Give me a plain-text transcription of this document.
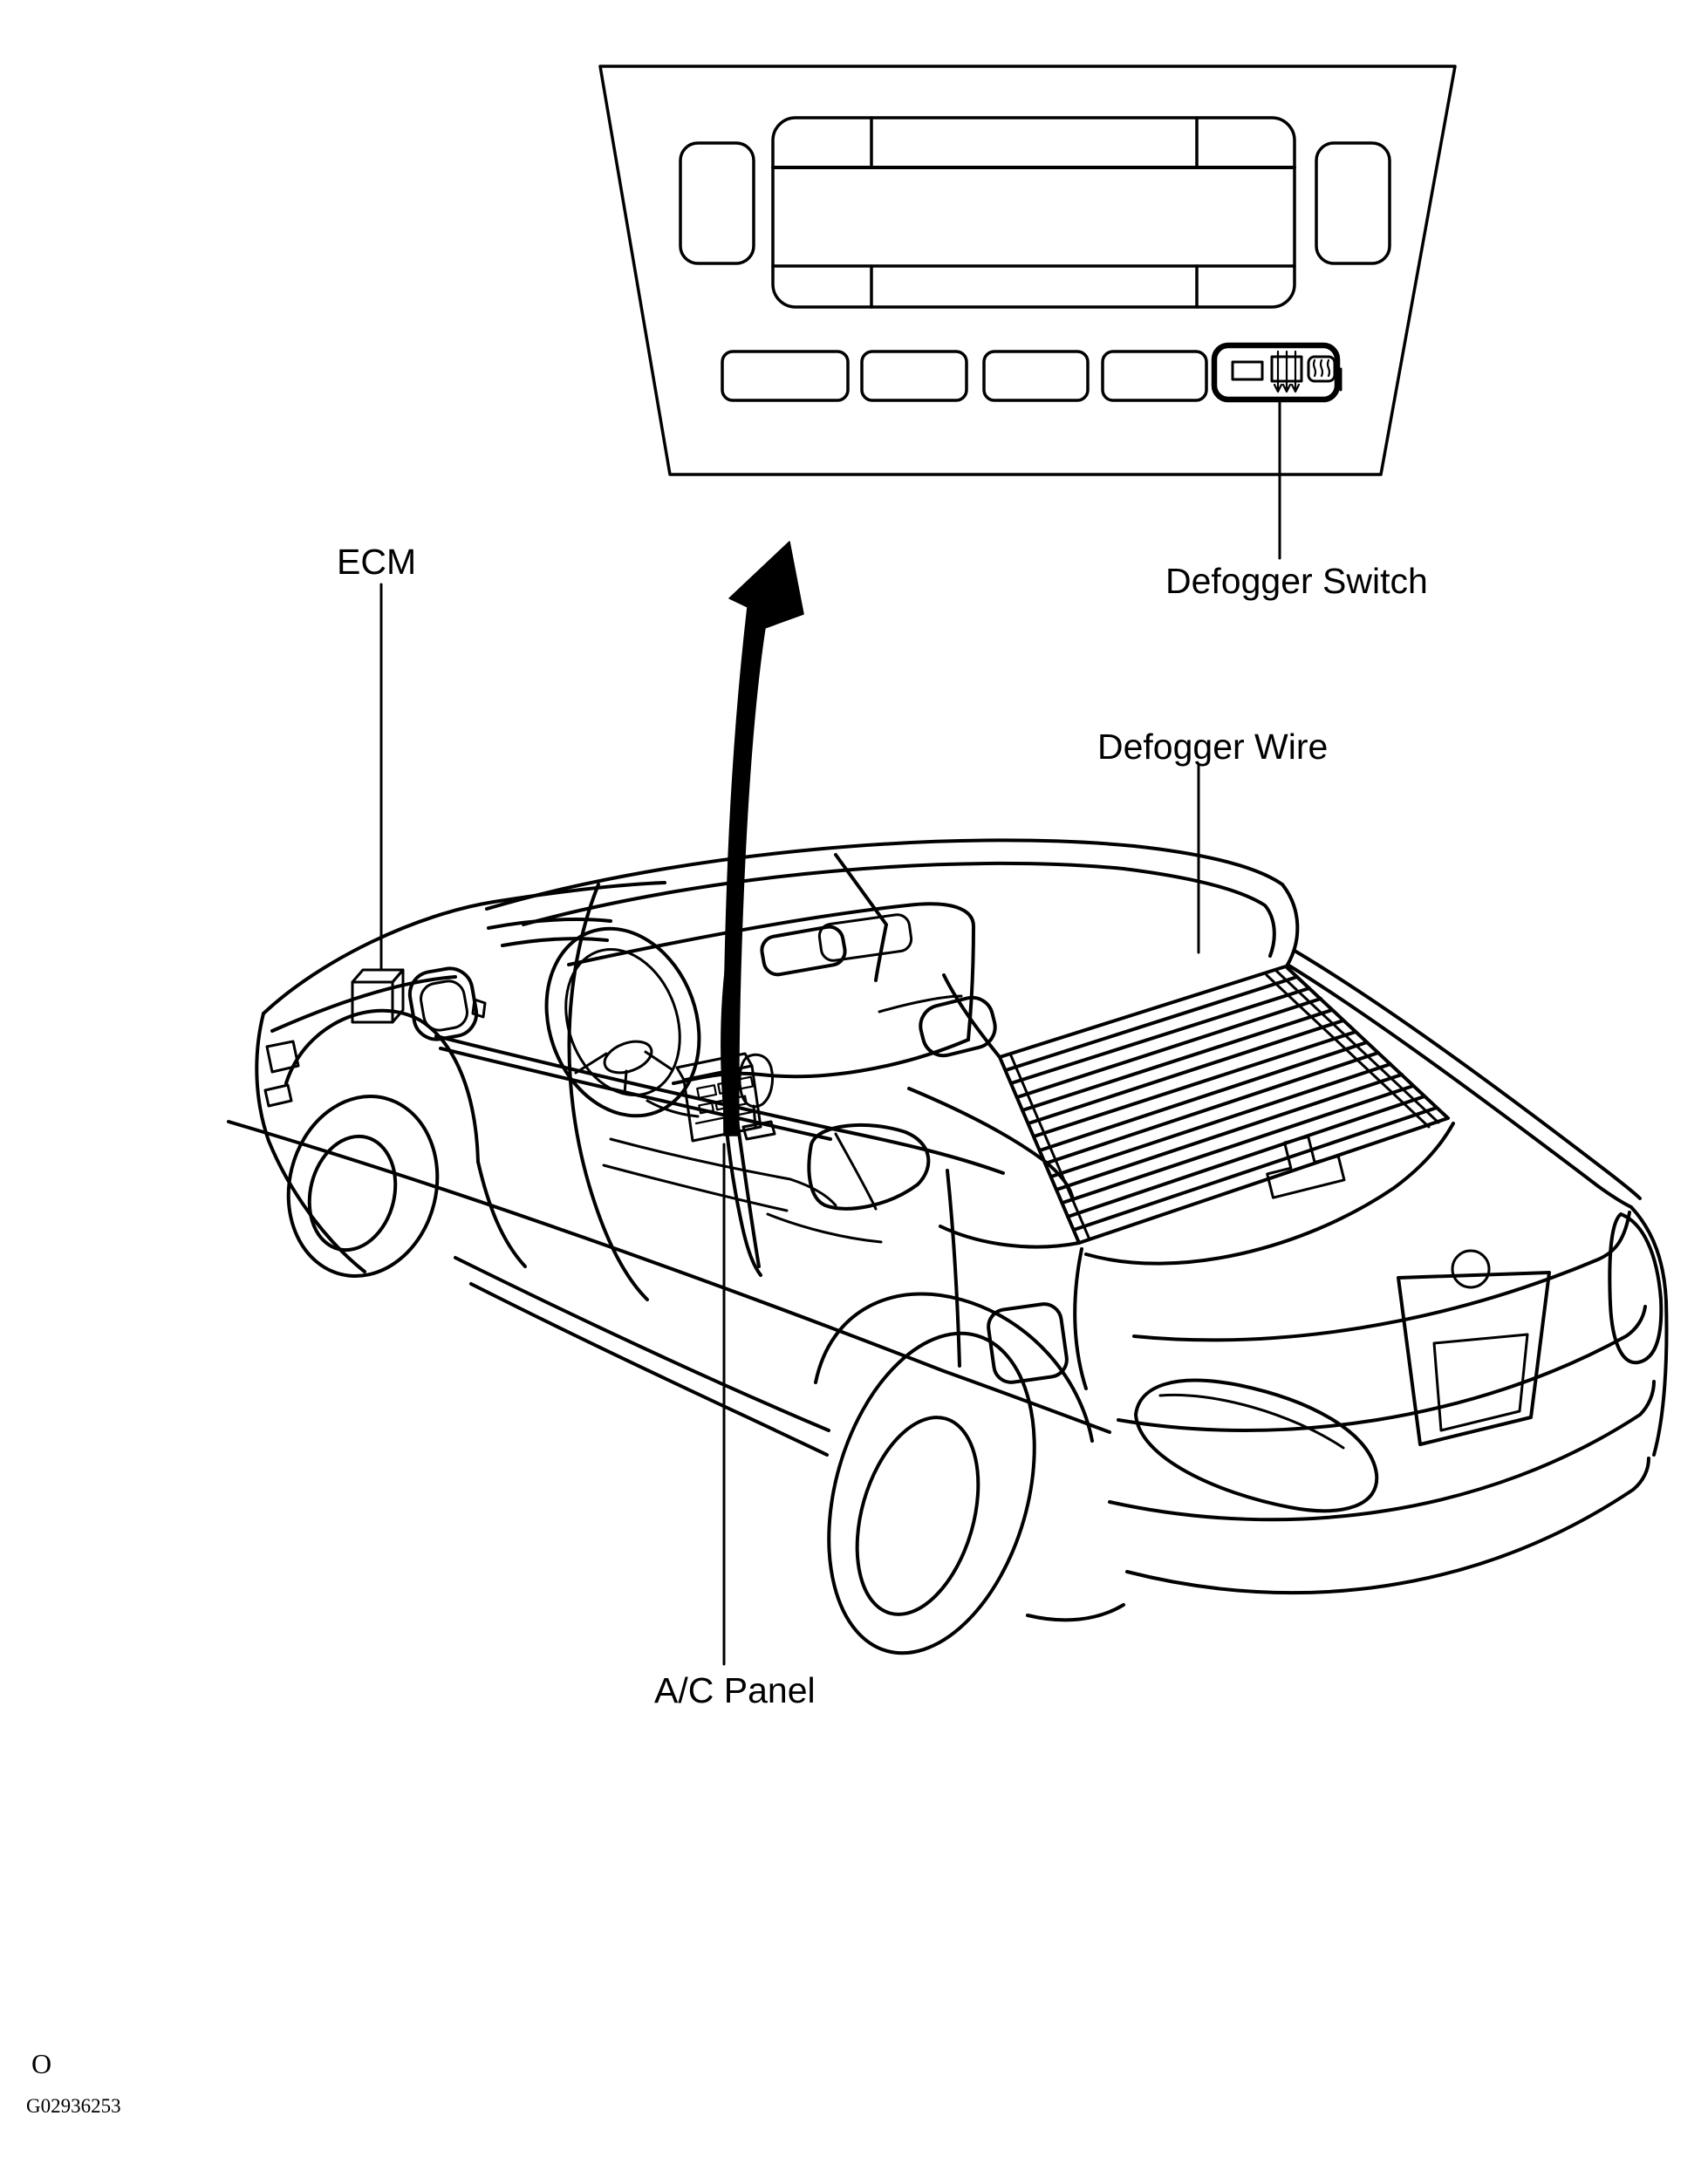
ECM	Defogger Switch
Defogger Wire
A/C Panel
O
G02936253
